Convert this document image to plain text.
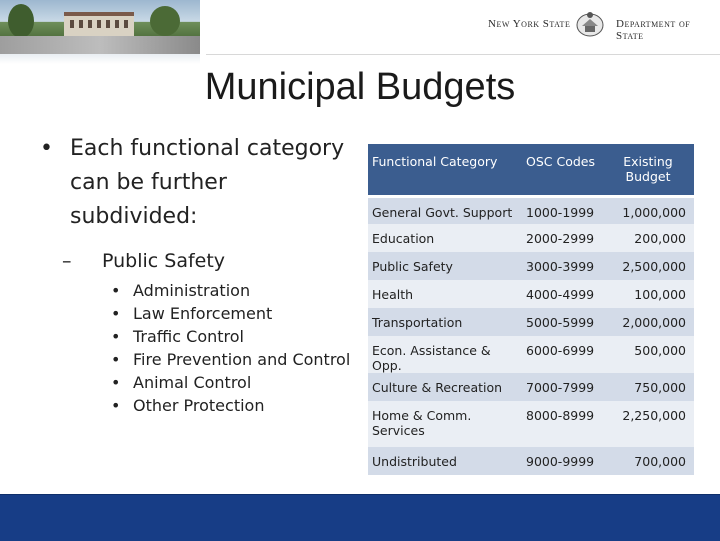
New York State	Department of State
Municipal Budgets
• Each functional category can be further subdivided:
– Public Safety
• Administration
• Law Enforcement
• Traffic Control
• Fire Prevention and Control
• Animal Control
• Other Protection
Functional Category	OSC Codes	Existing Budget
General Govt. Support	1000-1999	1,000,000
Education	2000-2999	200,000
Public Safety	3000-3999	2,500,000
Health	4000-4999	100,000
Transportation	5000-5999	2,000,000
Econ. Assistance & Opp.	6000-6999	500,000
Culture & Recreation	7000-7999	750,000
Home & Comm. Services	8000-8999	2,250,000
Undistributed	9000-9999	700,000
